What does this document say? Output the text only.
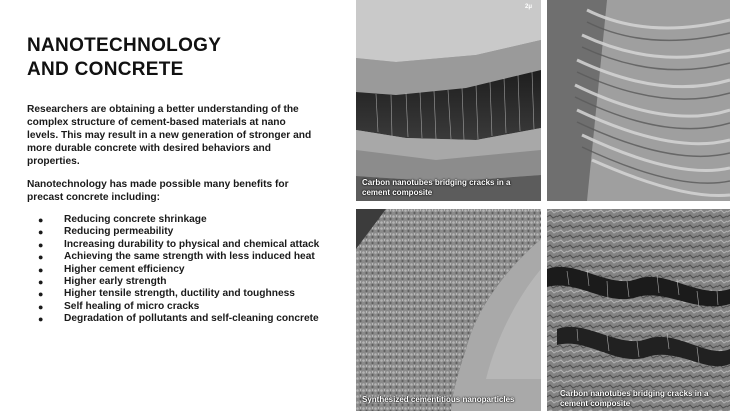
NANOTECHNOLOGY
AND CONCRETE

Researchers are obtaining a better understanding of the complex structure of cement-based materials at nano levels. This may result in a new generation of stronger and more durable concrete with desired behaviors and properties.

Nanotechnology has made possible many benefits for precast concrete including:

● Reducing concrete shrinkage
● Reducing permeability
● Increasing durability to physical and chemical attack
● Achieving the same strength with less induced heat
● Higher cement efficiency
● Higher early strength
● Higher tensile strength, ductility and toughness
● Self healing of micro cracks
● Degradation of pollutants and self-cleaning concrete
2μ
Carbon nanotubes bridging cracks in a cement composite
Synthesized cementitious nanoparticles
Carbon nanotubes bridging cracks in a cement composite
